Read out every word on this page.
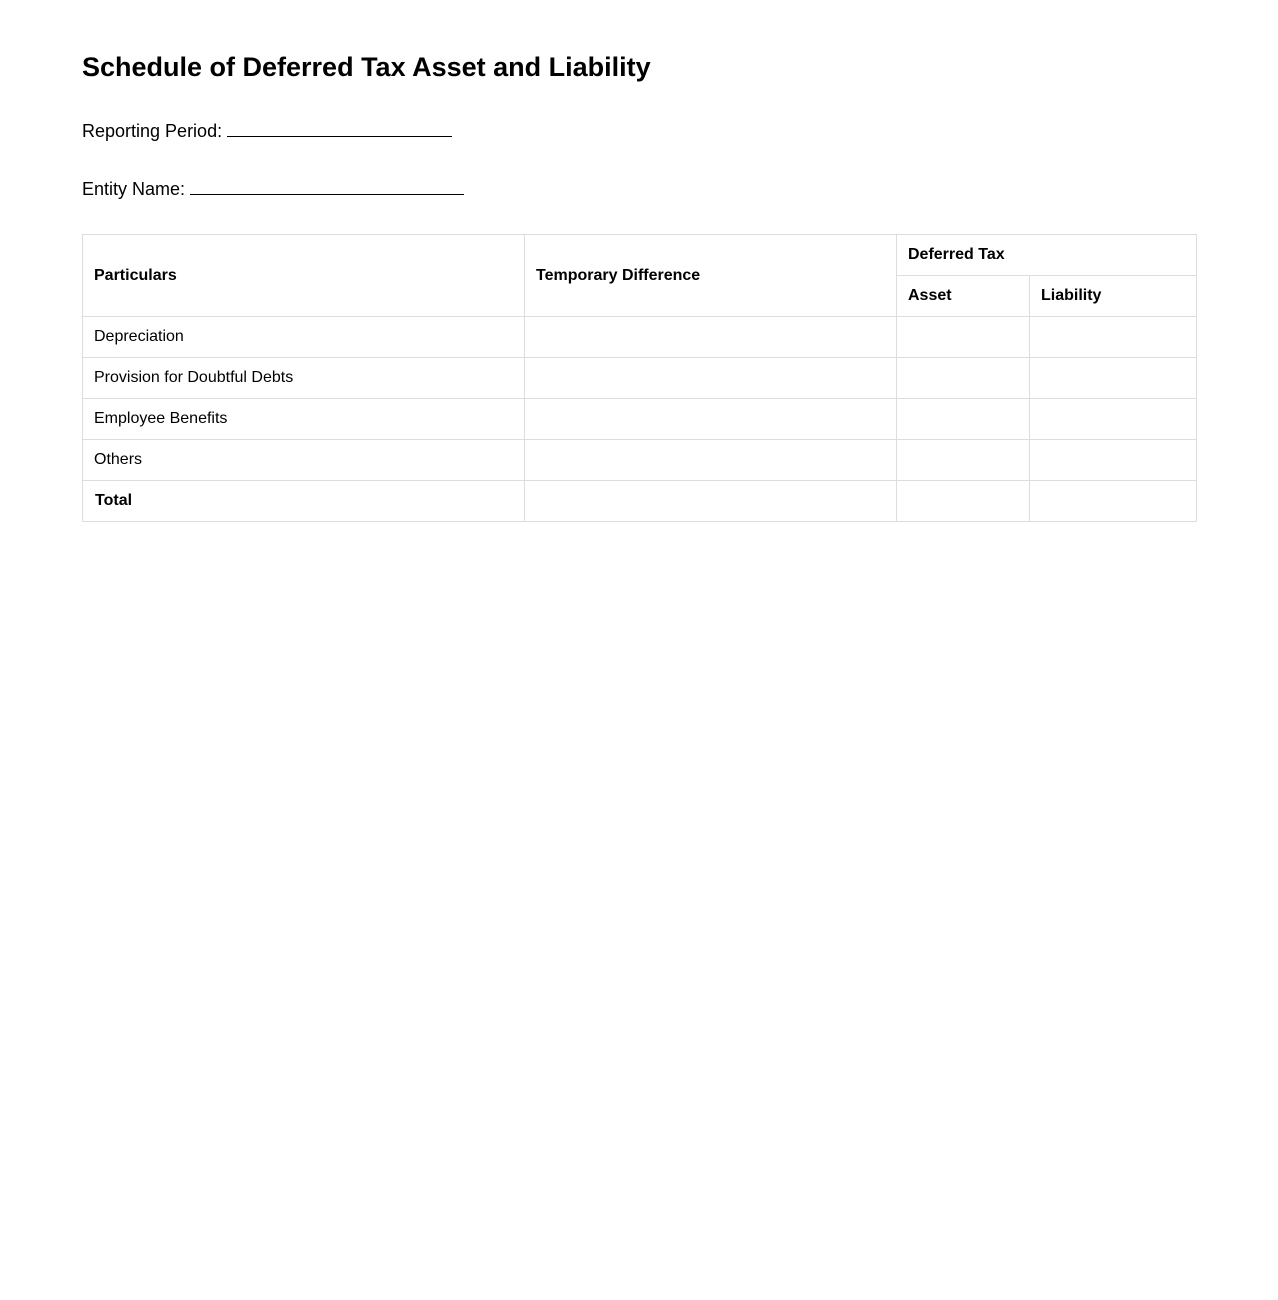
Schedule of Deferred Tax Asset and Liability
Reporting Period:
Entity Name:
Particulars	Temporary Difference	Deferred Tax	
		Asset	Liability
Depreciation			
Provision for Doubtful Debts			
Employee Benefits			
Others			
Total			
